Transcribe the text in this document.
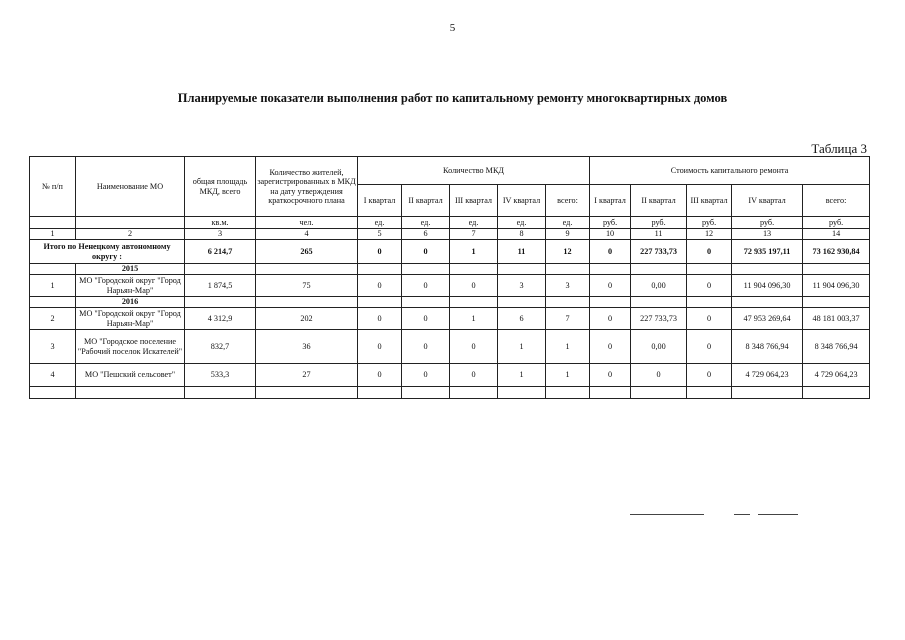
5
Планируемые показатели выполнения работ по капитальному ремонту многоквартирных домов
Таблица 3
№ п/п	Наименование МО	общая площадь МКД, всего	Количество жителей, зарегистрированных в МКД на дату утверждения краткосрочного плана	Количество МКД					Стоимость капитального ремонта				
				I квартал	II квартал	III квартал	IV квартал	всего:	I квартал	II квартал	III квартал	IV квартал	всего:
		кв.м.	чел.	ед.	ед.	ед.	ед.	ед.	руб.	руб.	руб.	руб.	руб.
1	2	3	4	5	6	7	8	9	10	11	12	13	14
Итого по Ненецкому автономному округу :		6 214,7	265	0	0	1	11	12	0	227 733,73	0	72 935 197,11	73 162 930,84
	2015												
1	МО "Городской округ "Город Нарьян-Мар"	1 874,5	75	0	0	0	3	3	0	0,00	0	11 904 096,30	11 904 096,30
	2016												
2	МО "Городской округ "Город Нарьян-Мар"	4 312,9	202	0	0	1	6	7	0	227 733,73	0	47 953 269,64	48 181 003,37
3	МО "Городское поселение "Рабочий поселок Искателей"	832,7	36	0	0	0	1	1	0	0,00	0	8 348 766,94	8 348 766,94
4	МО "Пешский сельсовет"	533,3	27	0	0	0	1	1	0	0	0	4 729 064,23	4 729 064,23
